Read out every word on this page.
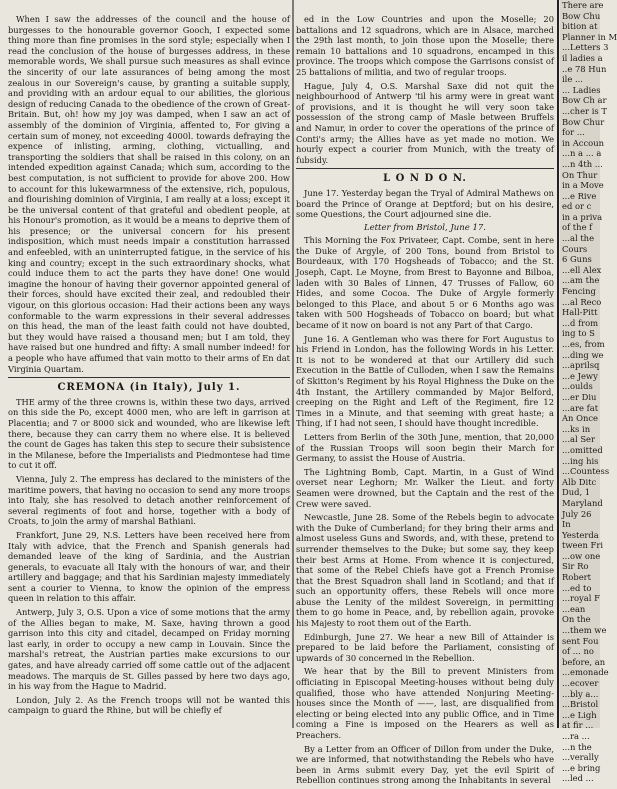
When I saw the addresses of the council and the house of burgesses to the honourable governor Gooch, I expected some thing more than fine promises in the sord style; especially when I read the conclusion of the house of burgesses address, in these memorable words, We shall pursue such measures as shall evince the sincerity of our late assurances of being among the most zealous in our Sovereign's cause, by granting a suitable supply, and providing with an ardour equal to our abilities, the glorious design of reducing Canada to the obedience of the crown of Great-Britain. But, oh! how my joy was damped, when I saw an act of assembly of the dominion of Virginia, affented to, For giving a certain sum of money, not exceeding 4000l. towards defraying the expence of inlisting, arming, clothing, victualling, and transporting the soldiers that shall be raised in this colony, on an intended expedition against Canada; which sum, according to the best computation, is not sufficient to provide for above 200. How to account for this lukewarmness of the extensive, rich, populous, and flourishing dominion of Virginia, I am really at a loss; except it be the universal content of that grateful and obedient people, at his Honour's promotion, as it would be a means to deprive them of his presence; or the universal concern for his present indisposition, which must needs impair a constitution harrassed and enfeebled, with an uninterrupted fatigue, in the service of his king and country; except in the such extraordinary shocks, what could induce them to act the parts they have done! One would imagine the honour of having their governor appointed general of their forces, should have excited their zeal, and redoubled their vigour, on this glorious occasion: Had their actions been any ways conformable to the warm expressions in their several addresses on this head, the man of the least faith could not have doubted, but they would have raised a thousand men; but I am told, they have raised but one hundred and fifty: A small number indeed! for a people who have affumed that vain motto to their arms of En dat Virginia Quartam.

CREMONA (in Italy), July 1.

THE army of the three crowns is, within these two days, arrived on this side the Po, except 4000 men, who are left in garrison at Placentia; and 7 or 8000 sick and wounded, who are likewise left there, because they can carry them no where else. It is believed the count de Gages has taken this step to secure their subsistence in the Milanese, before the Imperialists and Piedmontese had time to cut it off.

Vienna, July 2. The empress has declared to the ministers of the maritime powers, that having no occasion to send any more troops into Italy, she has resolved to detach another reinforcement of several regiments of foot and horse, together with a body of Croats, to join the army of marshal Bathiani.

Frankfort, June 29, N.S. Letters have been received here from Italy with advice, that the French and Spanish generals had demanded leave of the king of Sardinia, and the Austrian generals, to evacuate all Italy with the honours of war, and their artillery and baggage; and that his Sardinian majesty immediately sent a courier to Vienna, to know the opinion of the empress queen in relation to this affair.

Antwerp, July 3, O.S. Upon a vice of some motions that the army of the Allies began to make, M. Saxe, having thrown a good garrison into this city and citadel, decamped on Friday morning last early, in order to occupy a new camp in Louvain. Since the marshal's retreat, the Austrian parties make excursions to our gates, and have already carried off some cattle out of the adjacent meadows. The marquis de St. Gilles passed by here two days ago, in his way from the Hague to Madrid.

London, July 2. As the French troops will not be wanted this campaign to guard the Rhine, but will be chiefly ef

ed in the Low Countries and upon the Moselle; 20 battalions and 12 squadrons, which are in Alsace, marched the 29th last month, to join those upon the Moselle; there remain 10 battalions and 10 squadrons, encamped in this province. The troops which compose the Garrisons consist of 25 battalions of militia, and two of regular troops.

Hague, July 4, O.S. Marshal Saxe did not quit the neighbourhood of Antwerp 'til his army were in great want of provisions, and it is thought he will very soon take possession of the strong camp of Masle between Bruffels and Namur, in order to cover the operations of the prince of Conti's army; the Allies have as yet made no motion. We hourly expect a courier from Munich, with the treaty of fubsidy.

L O N D O N.

June 17. Yesterday began the Tryal of Admiral Mathews on board the Prince of Orange at Deptford; but on his desire, some Questions, the Court adjourned sine die.

Letter from Bristol, June 17.

This Morning the Fox Privateer, Capt. Combe, sent in here the Duke of Argyle, of 200 Tons, bound from Bristol to Bourdeaux, with 170 Hogsheads of Tobacco; and the St. Joseph, Capt. Le Moyne, from Brest to Bayonne and Bilboa, laden with 30 Bales of Linnen, 47 Trusses of Fallow, 60 Hides, and some Cocoa. The Duke of Argyle formerly belonged to this Place, and about 5 or 6 Months ago was taken with 500 Hogsheads of Tobacco on board; but what became of it now on board is not any Part of that Cargo.

June 16. A Gentleman who was there for Fort Augustus to his Friend in London, has the following Words in his Letter. It is not to be wondered at that our Artillery did such Execution in the Battle of Culloden, when I saw the Remains of Skitton's Regiment by his Royal Highness the Duke on the 4th Instant, the Artillery commanded by Major Belford, creeping on the Right and Left of the Regiment, fire 12 Times in a Minute, and that seeming with great haste; a Thing, if I had not seen, I should have thought incredible.

Letters from Berlin of the 30th June, mention, that 20,000 of the Russian Troops will soon begin their March for Germany, to assist the House of Austria.

The Lightning Bomb, Capt. Martin, in a Gust of Wind overset near Leghorn; Mr. Walker the Lieut. and forty Seamen were drowned, but the Captain and the rest of the Crew were saved.

Newcastle, June 28. Some of the Rebels begin to advocate with the Duke of Cumberland; for they bring their arms and almost useless Guns and Swords, and, with these, pretend to surrender themselves to the Duke; but some say, they keep their best Arms at Home. From whence it is conjectured, that some of the Rebel Chiefs have got a French Promise that the Brest Squadron shall land in Scotland; and that if such an opportunity offers, these Rebels will once more abuse the Lenity of the mildest Sovereign, in permitting them to go home in Peace, and, by rebellion again, provoke his Majesty to root them out of the Earth.

Edinburgh, June 27. We hear a new Bill of Attainder is prepared to be laid before the Parliament, consisting of upwards of 30 concerned in the Rebellion.

We hear that by the Bill to prevent Ministers from officiating in Episcopal Meeting-houses without being duly qualified, those who have attended Nonjuring Meeting-houses since the Month of ——, last, are disqualified from electing or being elected into any public Office, and in Time coming a Fine is imposed on the Hearers as well as Preachers.

By a Letter from an Officer of Dillon from under the Duke, we are informed, that notwithstanding the Rebels who have been in Arms submit every Day, yet the evil Spirit of Rebellion continues strong among the Inhabitants in several

There are
Bow Chu
bition at
Planner in M
...Letters 3
il ladies a
..e 78 Hun
ile ...
... Ladies
Bow Ch ar
...cher is T
Bow Chur
for ...
in Accoun
...n a ... a
...n 4th ...
On Thur
in a Move
...e Rive
ed or c
in a priva
of the f
...al the
Cours
6 Guns
...ell Alex
...am the
Fencing
...al Reco
Hall-Pitt
...d from
ing to S
...es, from
...ding we
...aprilsq
...e Jewy
...oulds
...er Diu
...are fat
An Once
...ks in
...al Ser
...omitted
...ing his
...Countess
Alb Ditc
Dud, 1
Maryland
July 26
In
Yesterda
tween Fri
...ow one
Sir Ro
Robert
...ed to
...royal F
...ean
On the
...them we
sent Fou
of ... no
before, an
...emonade
...ecover
...bly a...
...Bristol
...e Ligh
at fir ...
...ra ...
...n the
...verally
...e bring
...led ...
